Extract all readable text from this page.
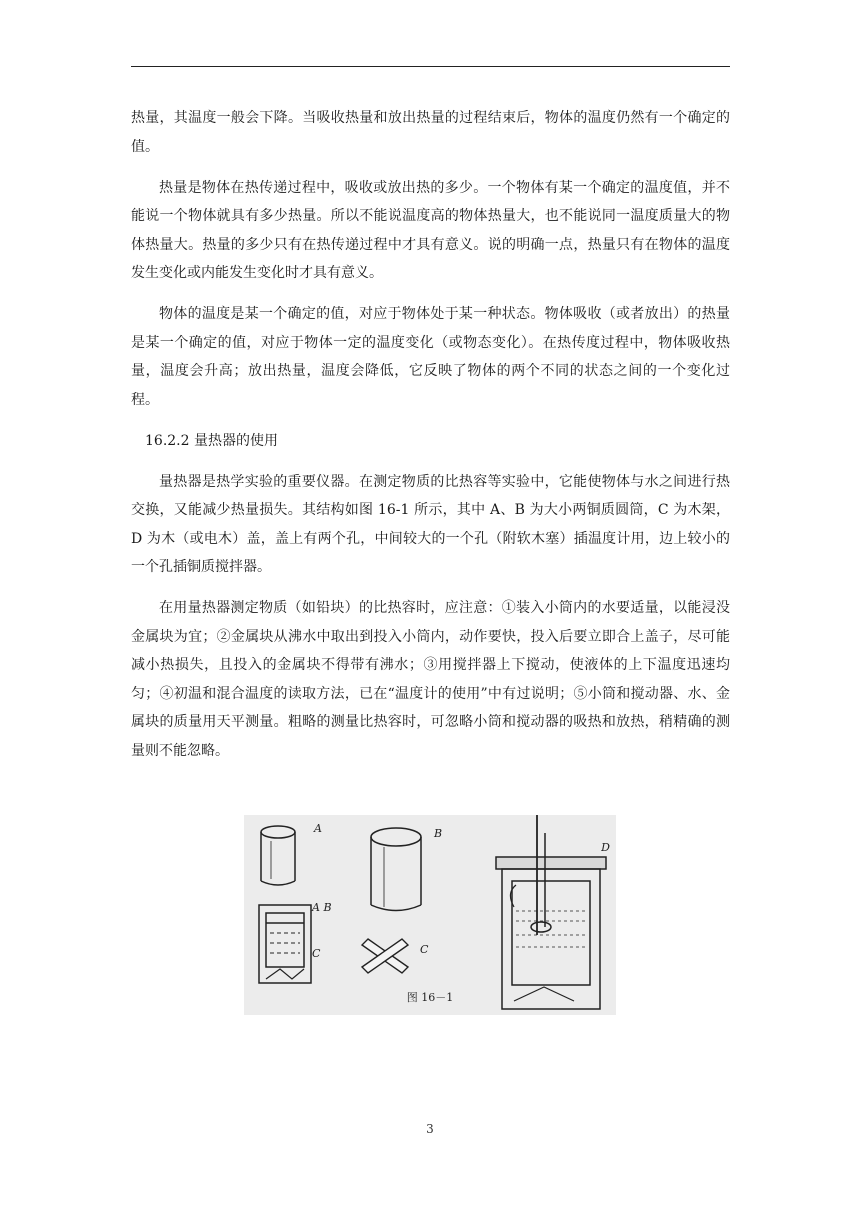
热量，其温度一般会下降。当吸收热量和放出热量的过程结束后，物体的温度仍然有一个确定的值。

热量是物体在热传递过程中，吸收或放出热的多少。一个物体有某一个确定的温度值，并不能说一个物体就具有多少热量。所以不能说温度高的物体热量大，也不能说同一温度质量大的物体热量大。热量的多少只有在热传递过程中才具有意义。说的明确一点，热量只有在物体的温度发生变化或内能发生变化时才具有意义。

物体的温度是某一个确定的值，对应于物体处于某一种状态。物体吸收（或者放出）的热量是某一个确定的值，对应于物体一定的温度变化（或物态变化）。在热传度过程中，物体吸收热量，温度会升高；放出热量，温度会降低，它反映了物体的两个不同的状态之间的一个变化过程。

16.2.2 量热器的使用

量热器是热学实验的重要仪器。在测定物质的比热容等实验中，它能使物体与水之间进行热交换，又能减少热量损失。其结构如图 16-1 所示，其中 A、B 为大小两铜质圆筒，C 为木架，D 为木（或电木）盖，盖上有两个孔，中间较大的一个孔（附软木塞）插温度计用，边上较小的一个孔插铜质搅拌器。

在用量热器测定物质（如铅块）的比热容时，应注意：①装入小筒内的水要适量，以能浸没金属块为宜；②金属块从沸水中取出到投入小筒内，动作要快，投入后要立即合上盖子，尽可能减小热损失，且投入的金属块不得带有沸水；③用搅拌器上下搅动，使液体的上下温度迅速均匀；④初温和混合温度的读取方法，已在“温度计的使用”中有过说明；⑤小筒和搅动器、水、金属块的质量用天平测量。粗略的测量比热容时，可忽略小筒和搅动器的吸热和放热，稍精确的测量则不能忽略。

A	B
A B
C	C
D
图 16－1
3
